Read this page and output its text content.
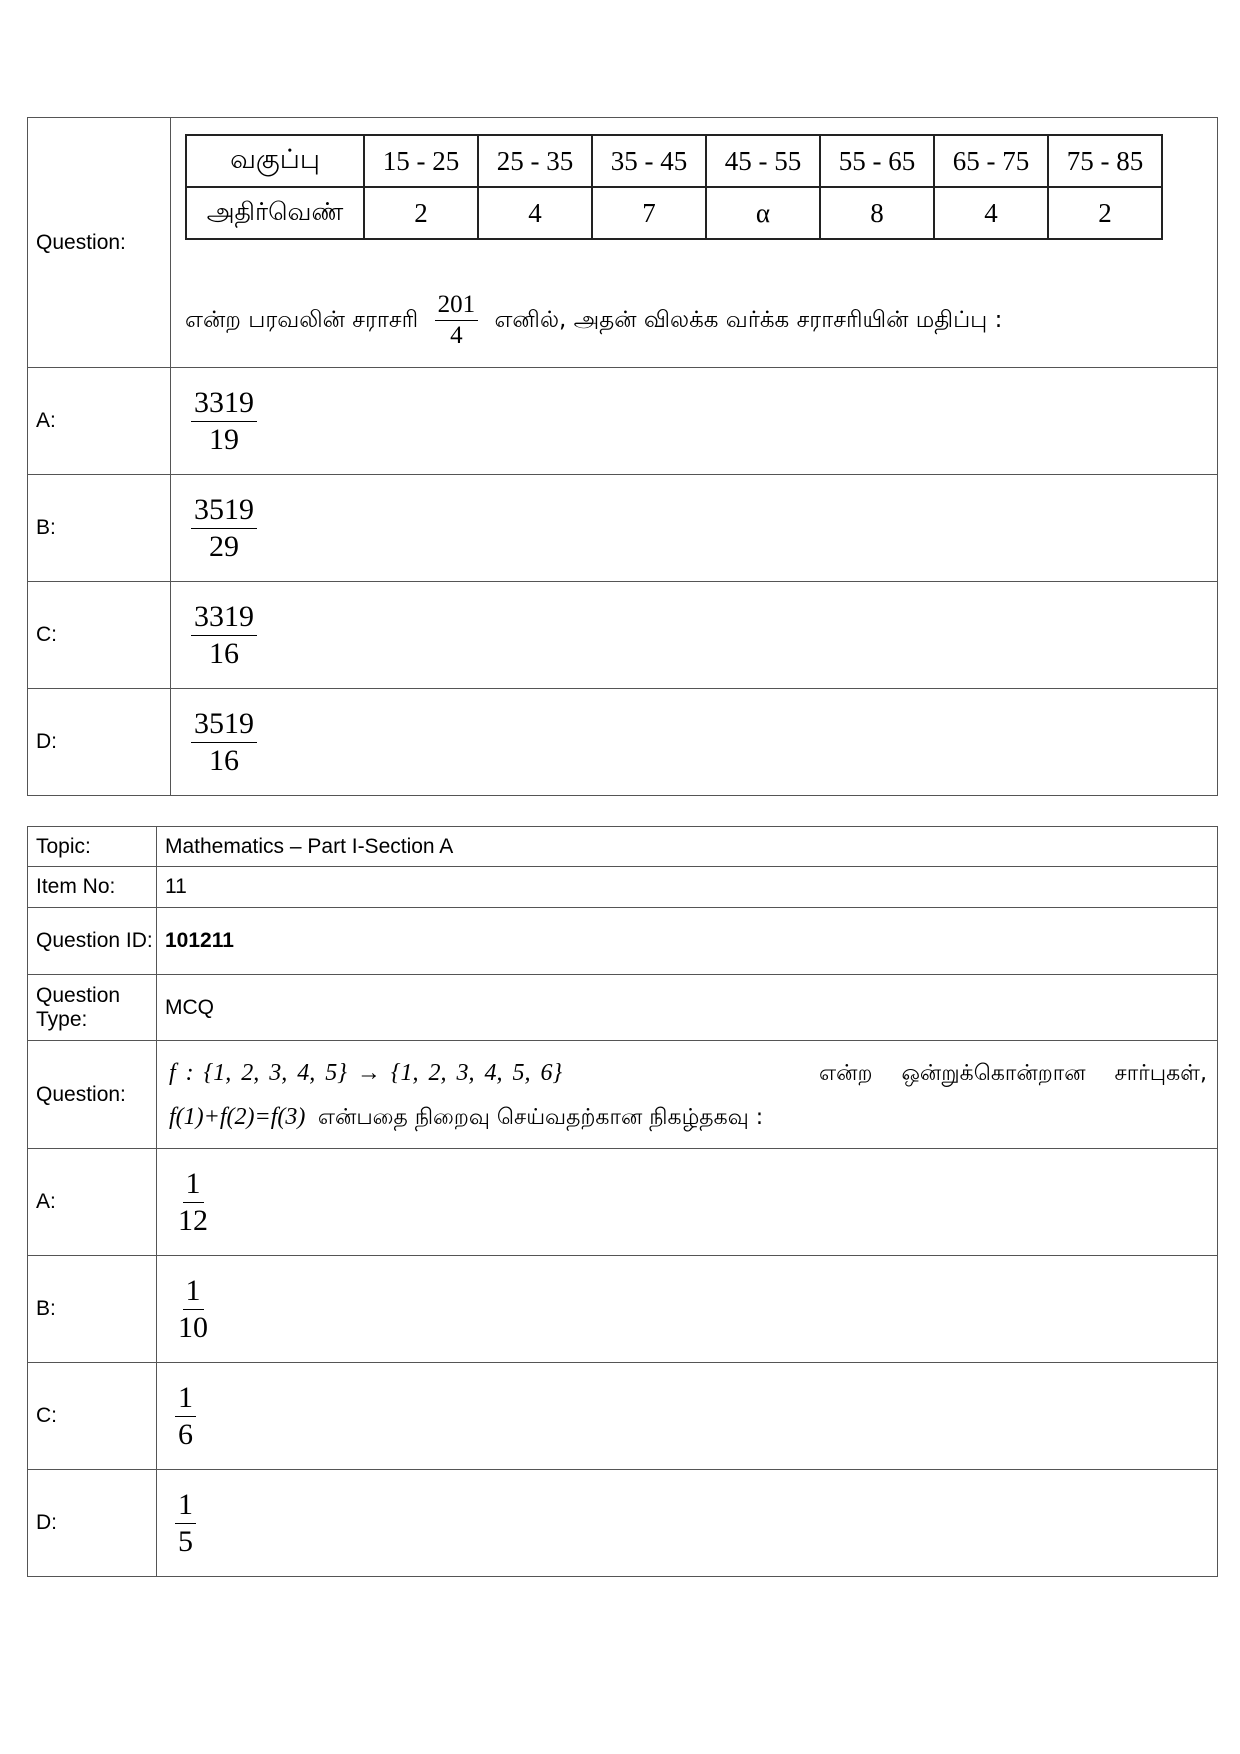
Question:	
வகுப்பு	15 - 25	25 - 35	35 - 45	45 - 55	55 - 65	65 - 75	75 - 85
அதிர்வெண்	2	4	7	α	8	4	2
என்ற பரவலின் சராசரி $\frac{201}{4}$ எனில், அதன் விலக்க வர்க்க சராசரியின் மதிப்பு :

A:	$\frac{3319}{19}$

B:	$\frac{3519}{29}$

C:	$\frac{3319}{16}$

D:	$\frac{3519}{16}$
Topic:	Mathematics – Part I-Section A
Item No:	11
Question ID:	101211
Question Type:	MCQ
Question:	f : {1, 2, 3, 4, 5} → {1, 2, 3, 4, 5, 6} என்ற ஒன்றுக்கொன்றான சார்புகள்,
f(1)+f(2)=f(3) என்பதை நிறைவு செய்வதற்கான நிகழ்தகவு :

A:	$\frac{1}{12}$

B:	$\frac{1}{10}$

C:	$\frac{1}{6}$

D:	$\frac{1}{5}$
